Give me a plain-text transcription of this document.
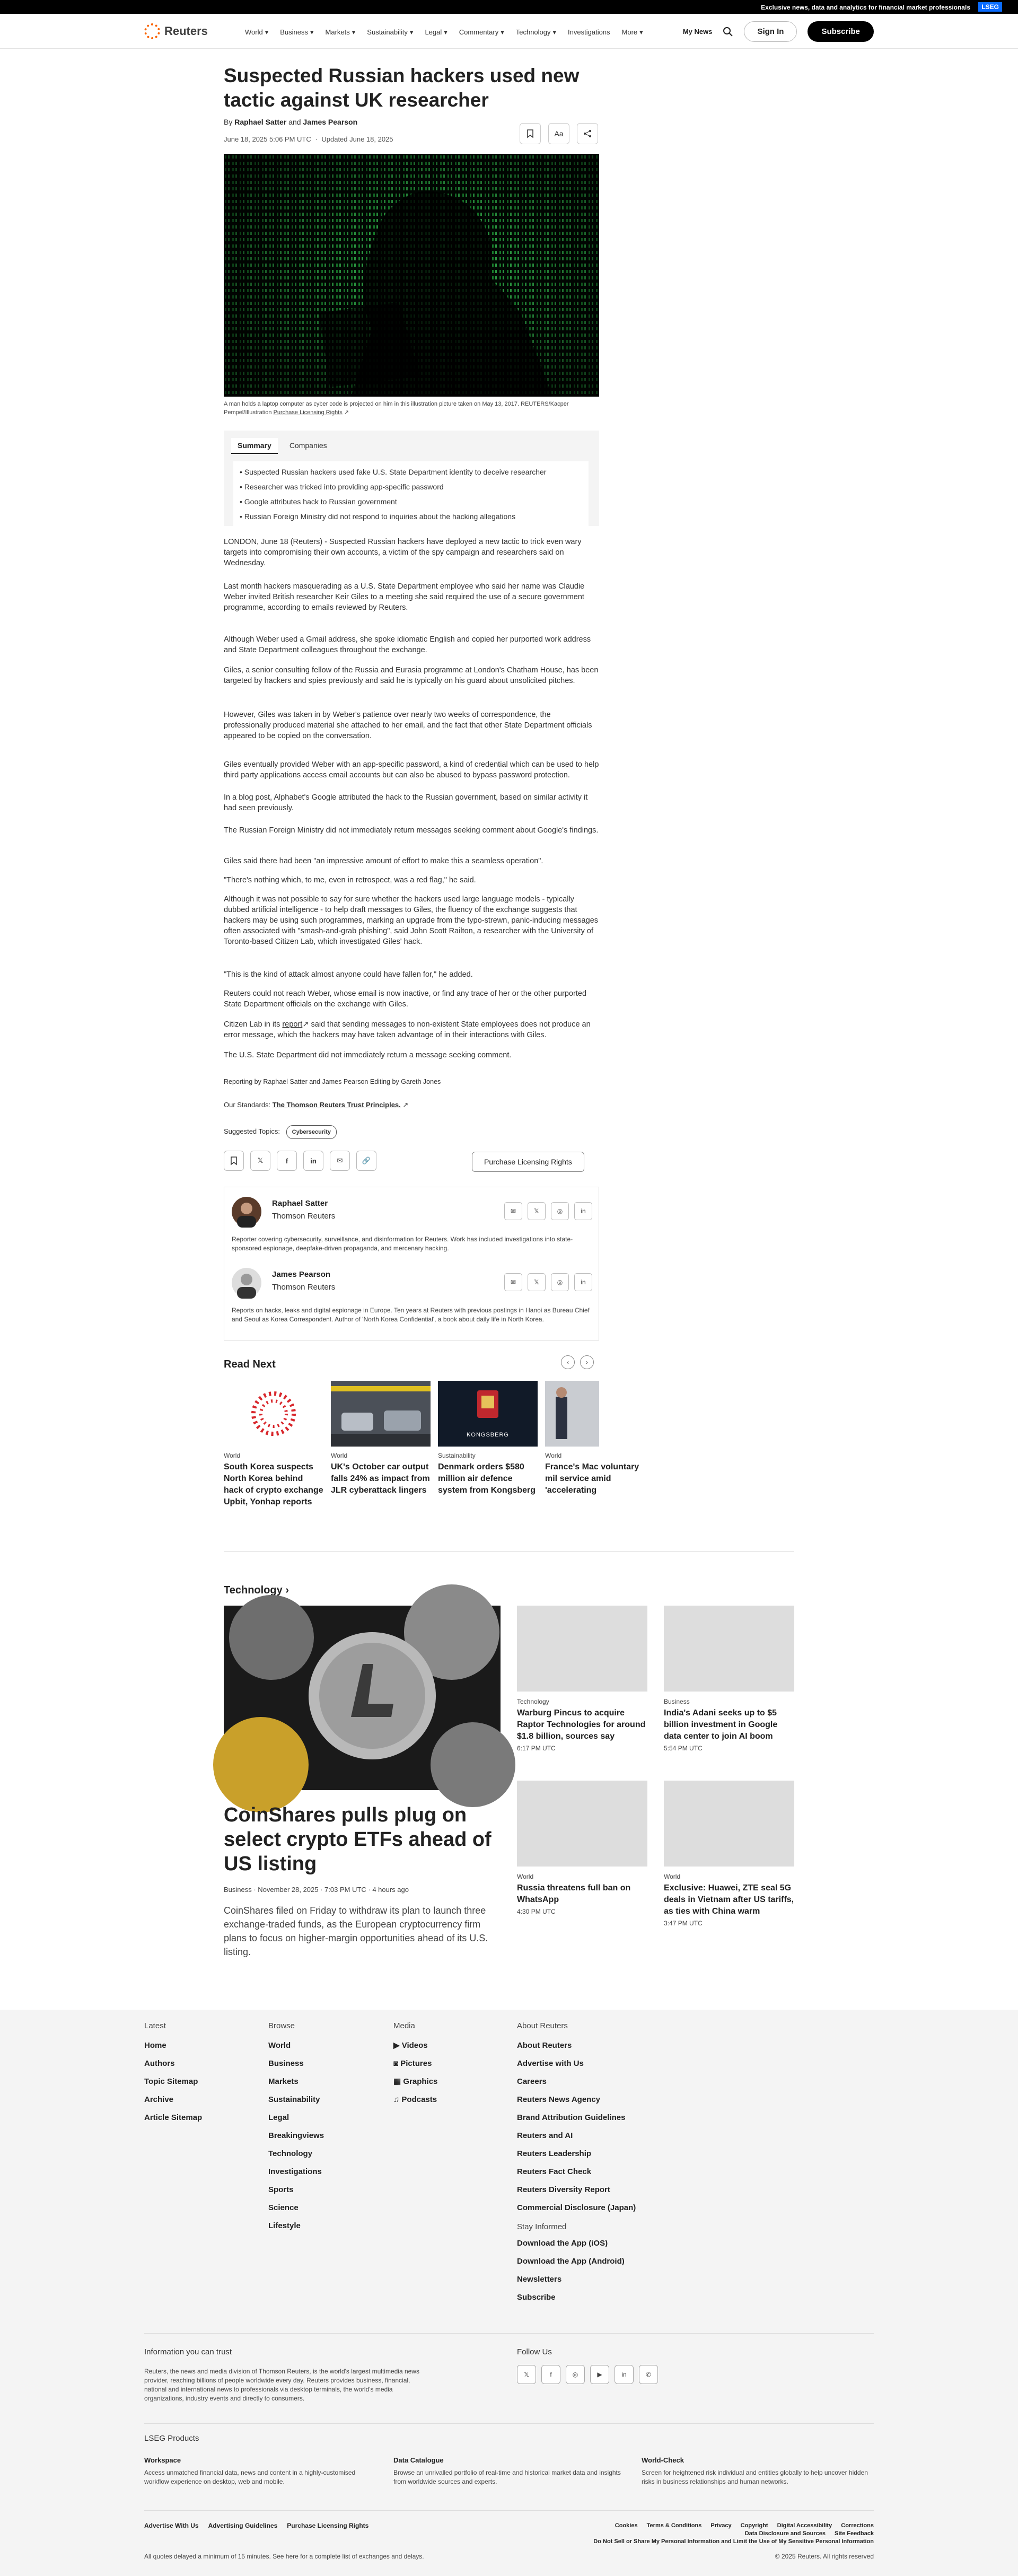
Exclusive news, data and analytics for financial market professionals	LSEG
Reuters	World ▾ Business ▾ Markets ▾ Sustainability ▾ Legal ▾ Commentary ▾ Technology ▾ Investigations More ▾	My News	Sign In	Subscribe
Suspected Russian hackers used new tactic against UK researcher
By Raphael Satter and James Pearson
June 18, 2025 5:06 PM UTC · Updated June 18, 2025
Aa
A man holds a laptop computer as cyber code is projected on him in this illustration picture taken on May 13, 2017. REUTERS/Kacper Pempel/Illustration Purchase Licensing Rights ↗
Summary	Companies
• Suspected Russian hackers used fake U.S. State Department identity to deceive researcher
• Researcher was tricked into providing app-specific password
• Google attributes hack to Russian government
• Russian Foreign Ministry did not respond to inquiries about the hacking allegations

LONDON, June 18 (Reuters) - Suspected Russian hackers have deployed a new tactic to trick even wary targets into compromising their own accounts, a victim of the spy campaign and researchers said on Wednesday.

Last month hackers masquerading as a U.S. State Department employee who said her name was Claudie Weber invited British researcher Keir Giles to a meeting she said required the use of a secure government programme, according to emails reviewed by Reuters.

Although Weber used a Gmail address, she spoke idiomatic English and copied her purported work address and State Department colleagues throughout the exchange.

Giles, a senior consulting fellow of the Russia and Eurasia programme at London's Chatham House, has been targeted by hackers and spies previously and said he is typically on his guard about unsolicited pitches.

However, Giles was taken in by Weber's patience over nearly two weeks of correspondence, the professionally produced material she attached to her email, and the fact that other State Department officials appeared to be copied on the conversation.

Giles eventually provided Weber with an app-specific password, a kind of credential which can be used to help third party applications access email accounts but can also be abused to bypass password protection.

In a blog post, Alphabet's Google attributed the hack to the Russian government, based on similar activity it had seen previously.

The Russian Foreign Ministry did not immediately return messages seeking comment about Google's findings.

Giles said there had been "an impressive amount of effort to make this a seamless operation".

"There's nothing which, to me, even in retrospect, was a red flag," he said.

Although it was not possible to say for sure whether the hackers used large language models - typically dubbed artificial intelligence - to help draft messages to Giles, the fluency of the exchange suggests that hackers may be using such programmes, marking an upgrade from the typo-strewn, panic-inducing messages often associated with "smash-and-grab phishing", said John Scott Railton, a researcher with the University of Toronto-based Citizen Lab, which investigated Giles' hack.

"This is the kind of attack almost anyone could have fallen for," he added.

Reuters could not reach Weber, whose email is now inactive, or find any trace of her or the other purported State Department officials on the exchange with Giles.

Citizen Lab in its report↗ said that sending messages to non-existent State employees does not produce an error message, which the hackers may have taken advantage of in their interactions with Giles.

The U.S. State Department did not immediately return a message seeking comment.

Reporting by Raphael Satter and James Pearson Editing by Gareth Jones

Our Standards: The Thomson Reuters Trust Principles. ↗

Suggested Topics: Cybersecurity

𝕏	f	in	✉	🔗	Purchase Licensing Rights
Raphael Satter
Thomson Reuters
✉	𝕏	◎	in

Reporter covering cybersecurity, surveillance, and disinformation for Reuters. Work has included investigations into state-sponsored espionage, deepfake-driven propaganda, and mercenary hacking.

James Pearson
Thomson Reuters
✉	𝕏	◎	in

Reports on hacks, leaks and digital espionage in Europe. Ten years at Reuters with previous postings in Hanoi as Bureau Chief and Seoul as Korea Correspondent. Author of 'North Korea Confidential', a book about daily life in North Korea.

Read Next	‹	›
World
South Korea suspects North Korea behind hack of crypto exchange Upbit, Yonhap reports
World
UK's October car output falls 24% as impact from JLR cyberattack lingers
KONGSBERG
Sustainability
Denmark orders $580 million air defence system from Kongsberg
World
France's Mac voluntary mil service amid 'accelerating
Technology ›
CoinShares pulls plug on select crypto ETFs ahead of US listing
Business · November 28, 2025 · 7:03 PM UTC · 4 hours ago

CoinShares filed on Friday to withdraw its plan to launch three exchange-traded funds, as the European cryptocurrency firm plans to focus on higher-margin opportunities ahead of its U.S. listing.

Technology
Warburg Pincus to acquire Raptor Technologies for around $1.8 billion, sources say
6:17 PM UTC
Business
India's Adani seeks up to $5 billion investment in Google data center to join AI boom
5:54 PM UTC
World
Russia threatens full ban on WhatsApp
4:30 PM UTC
World
Exclusive: Huawei, ZTE seal 5G deals in Vietnam after US tariffs, as ties with China warm
3:47 PM UTC
Latest
Home
Authors
Topic Sitemap
Archive
Article Sitemap
Browse
World
Business
Markets
Sustainability
Legal
Breakingviews
Technology
Investigations
Sports
Science
Lifestyle
Media
▶ Videos
◙ Pictures
▦ Graphics
♫ Podcasts
About Reuters
About Reuters
Advertise with Us
Careers
Reuters News Agency
Brand Attribution Guidelines
Reuters and AI
Reuters Leadership
Reuters Fact Check
Reuters Diversity Report
Commercial Disclosure (Japan)
Stay Informed
Download the App (iOS)
Download the App (Android)
Newsletters
Subscribe
Information you can trust

Reuters, the news and media division of Thomson Reuters, is the world's largest multimedia news provider, reaching billions of people worldwide every day. Reuters provides business, financial, national and international news to professionals via desktop terminals, the world's media organizations, industry events and directly to consumers.

Follow Us
𝕏	f	◎	▶	in	✆
LSEG Products
Workspace
Access unmatched financial data, news and content in a highly-customised workflow experience on desktop, web and mobile.
Data Catalogue
Browse an unrivalled portfolio of real-time and historical market data and insights from worldwide sources and experts.
World-Check
Screen for heightened risk individual and entities globally to help uncover hidden risks in business relationships and human networks.
Advertise With Us Advertising Guidelines Purchase Licensing Rights	Cookies Terms & Conditions Privacy Copyright Digital Accessibility Corrections
Data Disclosure and Sources Site Feedback
Do Not Sell or Share My Personal Information and Limit the Use of My Sensitive Personal Information
All quotes delayed a minimum of 15 minutes. See here for a complete list of exchanges and delays.	© 2025 Reuters. All rights reserved
